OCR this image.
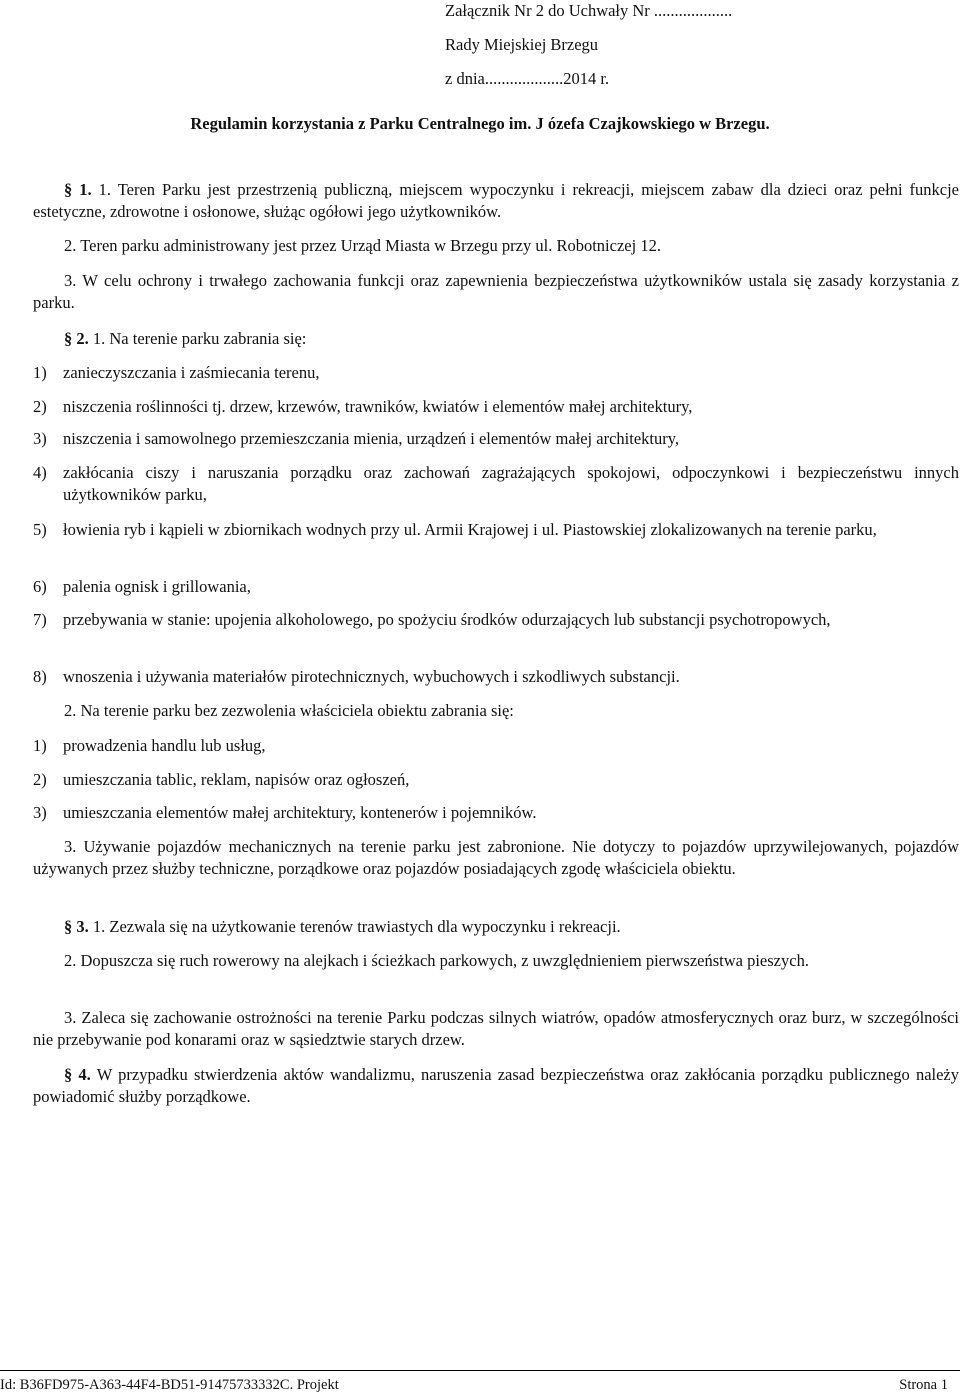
Załącznik Nr 2 do Uchwały Nr ...................
Rady Miejskiej Brzegu
z dnia...................2014 r.
Regulamin korzystania z Parku Centralnego im. J ózefa Czajkowskiego w Brzegu.
§ 1. 1. Teren Parku jest przestrzenią publiczną, miejscem wypoczynku i rekreacji, miejscem zabaw dla dzieci oraz pełni funkcje estetyczne, zdrowotne i osłonowe, służąc ogółowi jego użytkowników.
2. Teren parku administrowany jest przez Urząd Miasta w Brzegu przy ul. Robotniczej 12.
3. W celu ochrony i trwałego zachowania funkcji oraz zapewnienia bezpieczeństwa użytkowników ustala się zasady korzystania z parku.
§ 2. 1. Na terenie parku zabrania się:
1) zanieczyszczania i zaśmiecania terenu,
2) niszczenia roślinności tj. drzew, krzewów, trawników, kwiatów i elementów małej architektury,
3) niszczenia i samowolnego przemieszczania mienia, urządzeń i elementów małej architektury,
4) zakłócania ciszy i naruszania porządku oraz zachowań zagrażających spokojowi, odpoczynkowi i bezpieczeństwu innych użytkowników parku,
5) łowienia ryb i kąpieli w zbiornikach wodnych przy ul. Armii Krajowej i ul. Piastowskiej zlokalizowanych na terenie parku,
6) palenia ognisk i grillowania,
7) przebywania w stanie: upojenia alkoholowego, po spożyciu środków odurzających lub substancji psychotropowych,
8) wnoszenia i używania materiałów pirotechnicznych, wybuchowych i szkodliwych substancji.
2. Na terenie parku bez zezwolenia właściciela obiektu zabrania się:
1) prowadzenia handlu lub usług,
2) umieszczania tablic, reklam, napisów oraz ogłoszeń,
3) umieszczania elementów małej architektury, kontenerów i pojemników.
3. Używanie pojazdów mechanicznych na terenie parku jest zabronione. Nie dotyczy to pojazdów uprzywilejowanych, pojazdów używanych przez służby techniczne, porządkowe oraz pojazdów posiadających zgodę właściciela obiektu.
§ 3. 1. Zezwala się na użytkowanie terenów trawiastych dla wypoczynku i rekreacji.
2. Dopuszcza się ruch rowerowy na alejkach i ścieżkach parkowych, z uwzględnieniem pierwszeństwa pieszych.
3. Zaleca się zachowanie ostrożności na terenie Parku podczas silnych wiatrów, opadów atmosferycznych oraz burz, w szczególności nie przebywanie pod konarami oraz w sąsiedztwie starych drzew.
§ 4. W przypadku stwierdzenia aktów wandalizmu, naruszenia zasad bezpieczeństwa oraz zakłócania porządku publicznego należy powiadomić służby porządkowe.
Id: B36FD975-A363-44F4-BD51-91475733332C. Projekt	Strona 1
